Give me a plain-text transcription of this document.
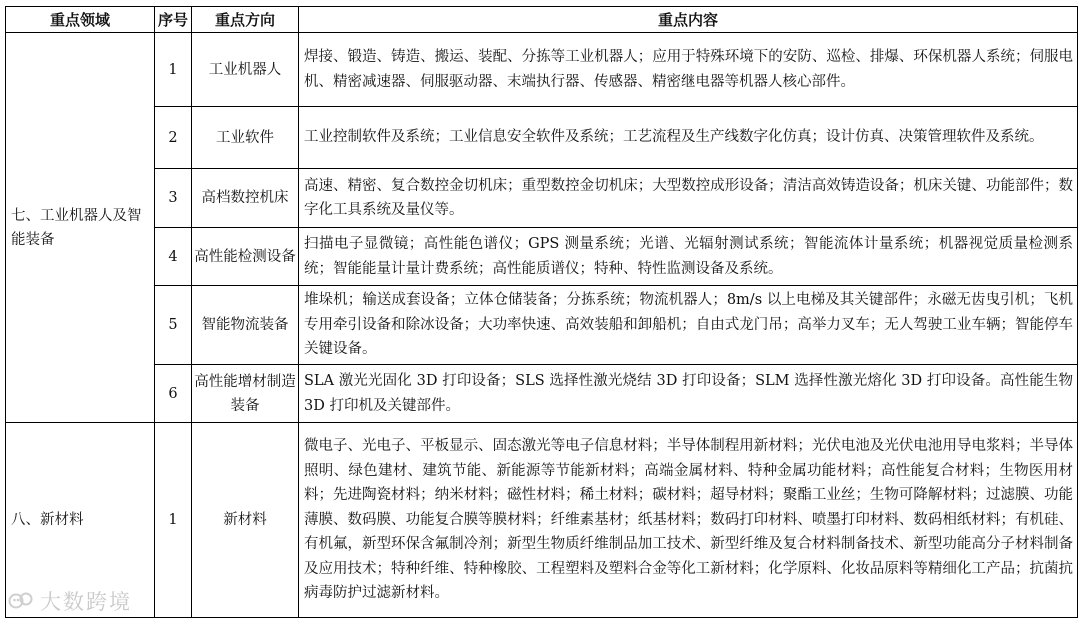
重点领域	序号	重点方向	重点内容
七、工业机器人及智能装备	1	工业机器人	焊接、锻造、铸造、搬运、装配、分拣等工业机器人；应用于特殊环境下的安防、巡检、排爆、环保机器人系统；伺服电机、精密减速器、伺服驱动器、末端执行器、传感器、精密继电器等机器人核心部件。
	2	工业软件	工业控制软件及系统；工业信息安全软件及系统；工艺流程及生产线数字化仿真；设计仿真、决策管理软件及系统。
	3	高档数控机床	高速、精密、复合数控金切机床；重型数控金切机床；大型数控成形设备；清洁高效铸造设备；机床关键、功能部件；数字化工具系统及量仪等。
	4	高性能检测设备	扫描电子显微镜；高性能色谱仪；GPS 测量系统；光谱、光辐射测试系统；智能流体计量系统；机器视觉质量检测系统；智能能量计量计费系统；高性能质谱仪；特种、特性监测设备及系统。
	5	智能物流装备	堆垛机；输送成套设备；立体仓储装备；分拣系统；物流机器人；8m/s 以上电梯及其关键部件；永磁无齿曳引机；飞机专用牵引设备和除冰设备；大功率快速、高效装船和卸船机；自由式龙门吊；高举力叉车；无人驾驶工业车辆；智能停车关键设备。
	6	高性能增材制造装备	SLA 激光光固化 3D 打印设备；SLS 选择性激光烧结 3D 打印设备；SLM 选择性激光熔化 3D 打印设备。高性能生物 3D 打印机及关键部件。
八、新材料	1	新材料	微电子、光电子、平板显示、固态激光等电子信息材料；半导体制程用新材料；光伏电池及光伏电池用导电浆料；半导体照明、绿色建材、建筑节能、新能源等节能新材料；高端金属材料、特种金属功能材料；高性能复合材料；生物医用材料；先进陶瓷材料；纳米材料；磁性材料；稀土材料；碳材料；超导材料；聚酯工业丝；生物可降解材料；过滤膜、功能薄膜、数码膜、功能复合膜等膜材料；纤维素基材；纸基材料；数码打印材料、喷墨打印材料、数码相纸材料；有机硅、有机氟，新型环保含氟制冷剂；新型生物质纤维制品加工技术、新型纤维及复合材料制备技术、新型功能高分子材料制备及应用技术；特种纤维、特种橡胶、工程塑料及塑料合金等化工新材料；化学原料、化妆品原料等精细化工产品；抗菌抗病毒防护过滤新材料。
大数跨境
